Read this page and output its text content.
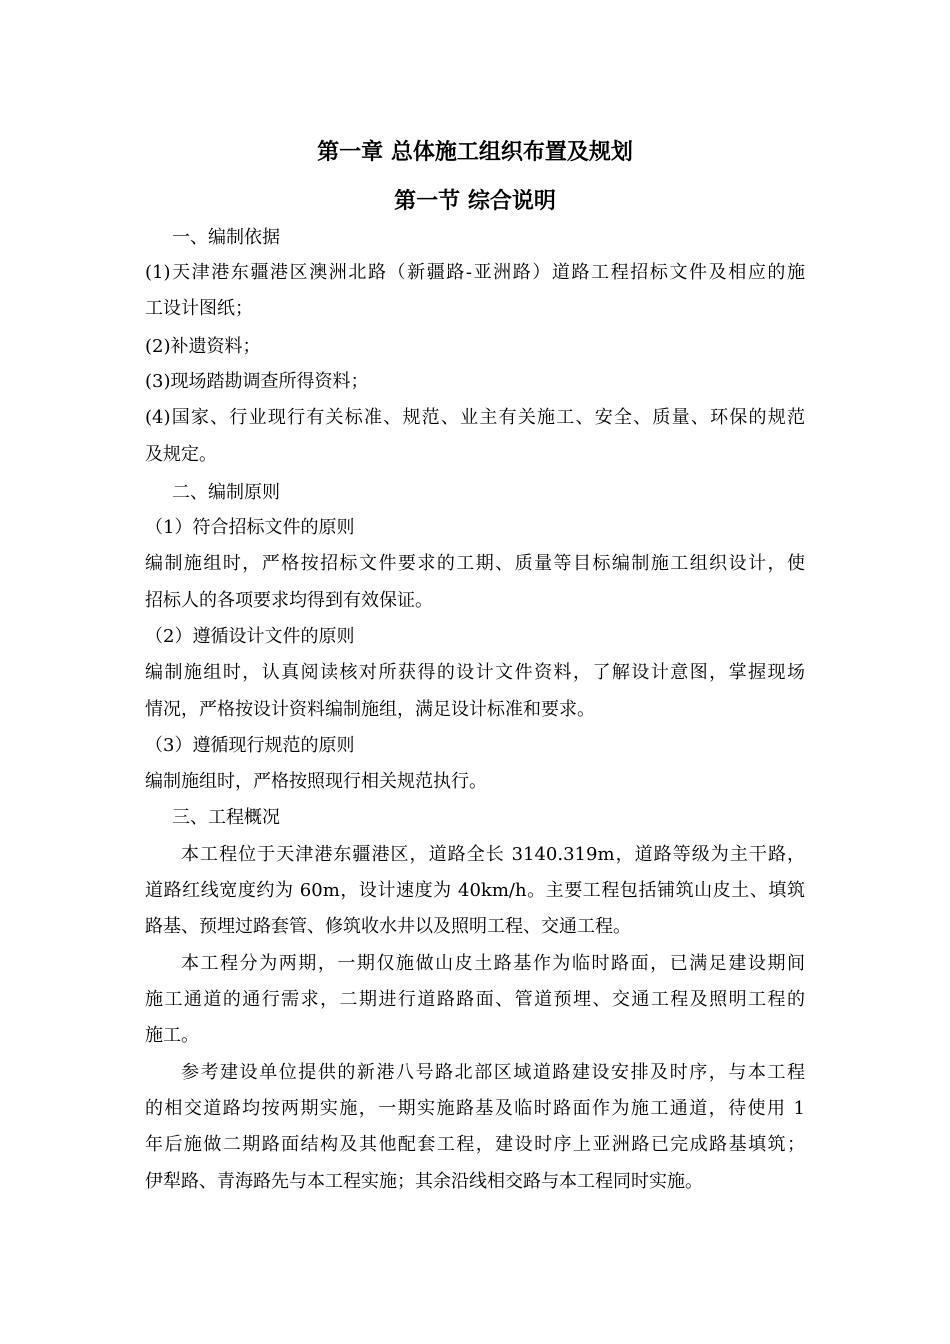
第一章 总体施工组织布置及规划
第一节 综合说明
一、编制依据
(1)天津港东疆港区澳洲北路（新疆路-亚洲路）道路工程招标文件及相应的施
工设计图纸；
(2)补遗资料；
(3)现场踏勘调查所得资料；
(4)国家、行业现行有关标准、规范、业主有关施工、安全、质量、环保的规范
及规定。
二、编制原则
（1）符合招标文件的原则
编制施组时，严格按招标文件要求的工期、质量等目标编制施工组织设计，使
招标人的各项要求均得到有效保证。
（2）遵循设计文件的原则
编制施组时，认真阅读核对所获得的设计文件资料，了解设计意图，掌握现场
情况，严格按设计资料编制施组，满足设计标准和要求。
（3）遵循现行规范的原则
编制施组时，严格按照现行相关规范执行。
三、工程概况
本工程位于天津港东疆港区，道路全长 3140.319m，道路等级为主干路，
道路红线宽度约为 60m，设计速度为 40km/h。主要工程包括铺筑山皮土、填筑
路基、预埋过路套管、修筑收水井以及照明工程、交通工程。
本工程分为两期，一期仅施做山皮土路基作为临时路面，已满足建设期间
施工通道的通行需求，二期进行道路路面、管道预埋、交通工程及照明工程的
施工。
参考建设单位提供的新港八号路北部区域道路建设安排及时序，与本工程
的相交道路均按两期实施，一期实施路基及临时路面作为施工通道，待使用 1
年后施做二期路面结构及其他配套工程，建设时序上亚洲路已完成路基填筑；
伊犁路、青海路先与本工程实施；其余沿线相交路与本工程同时实施。
